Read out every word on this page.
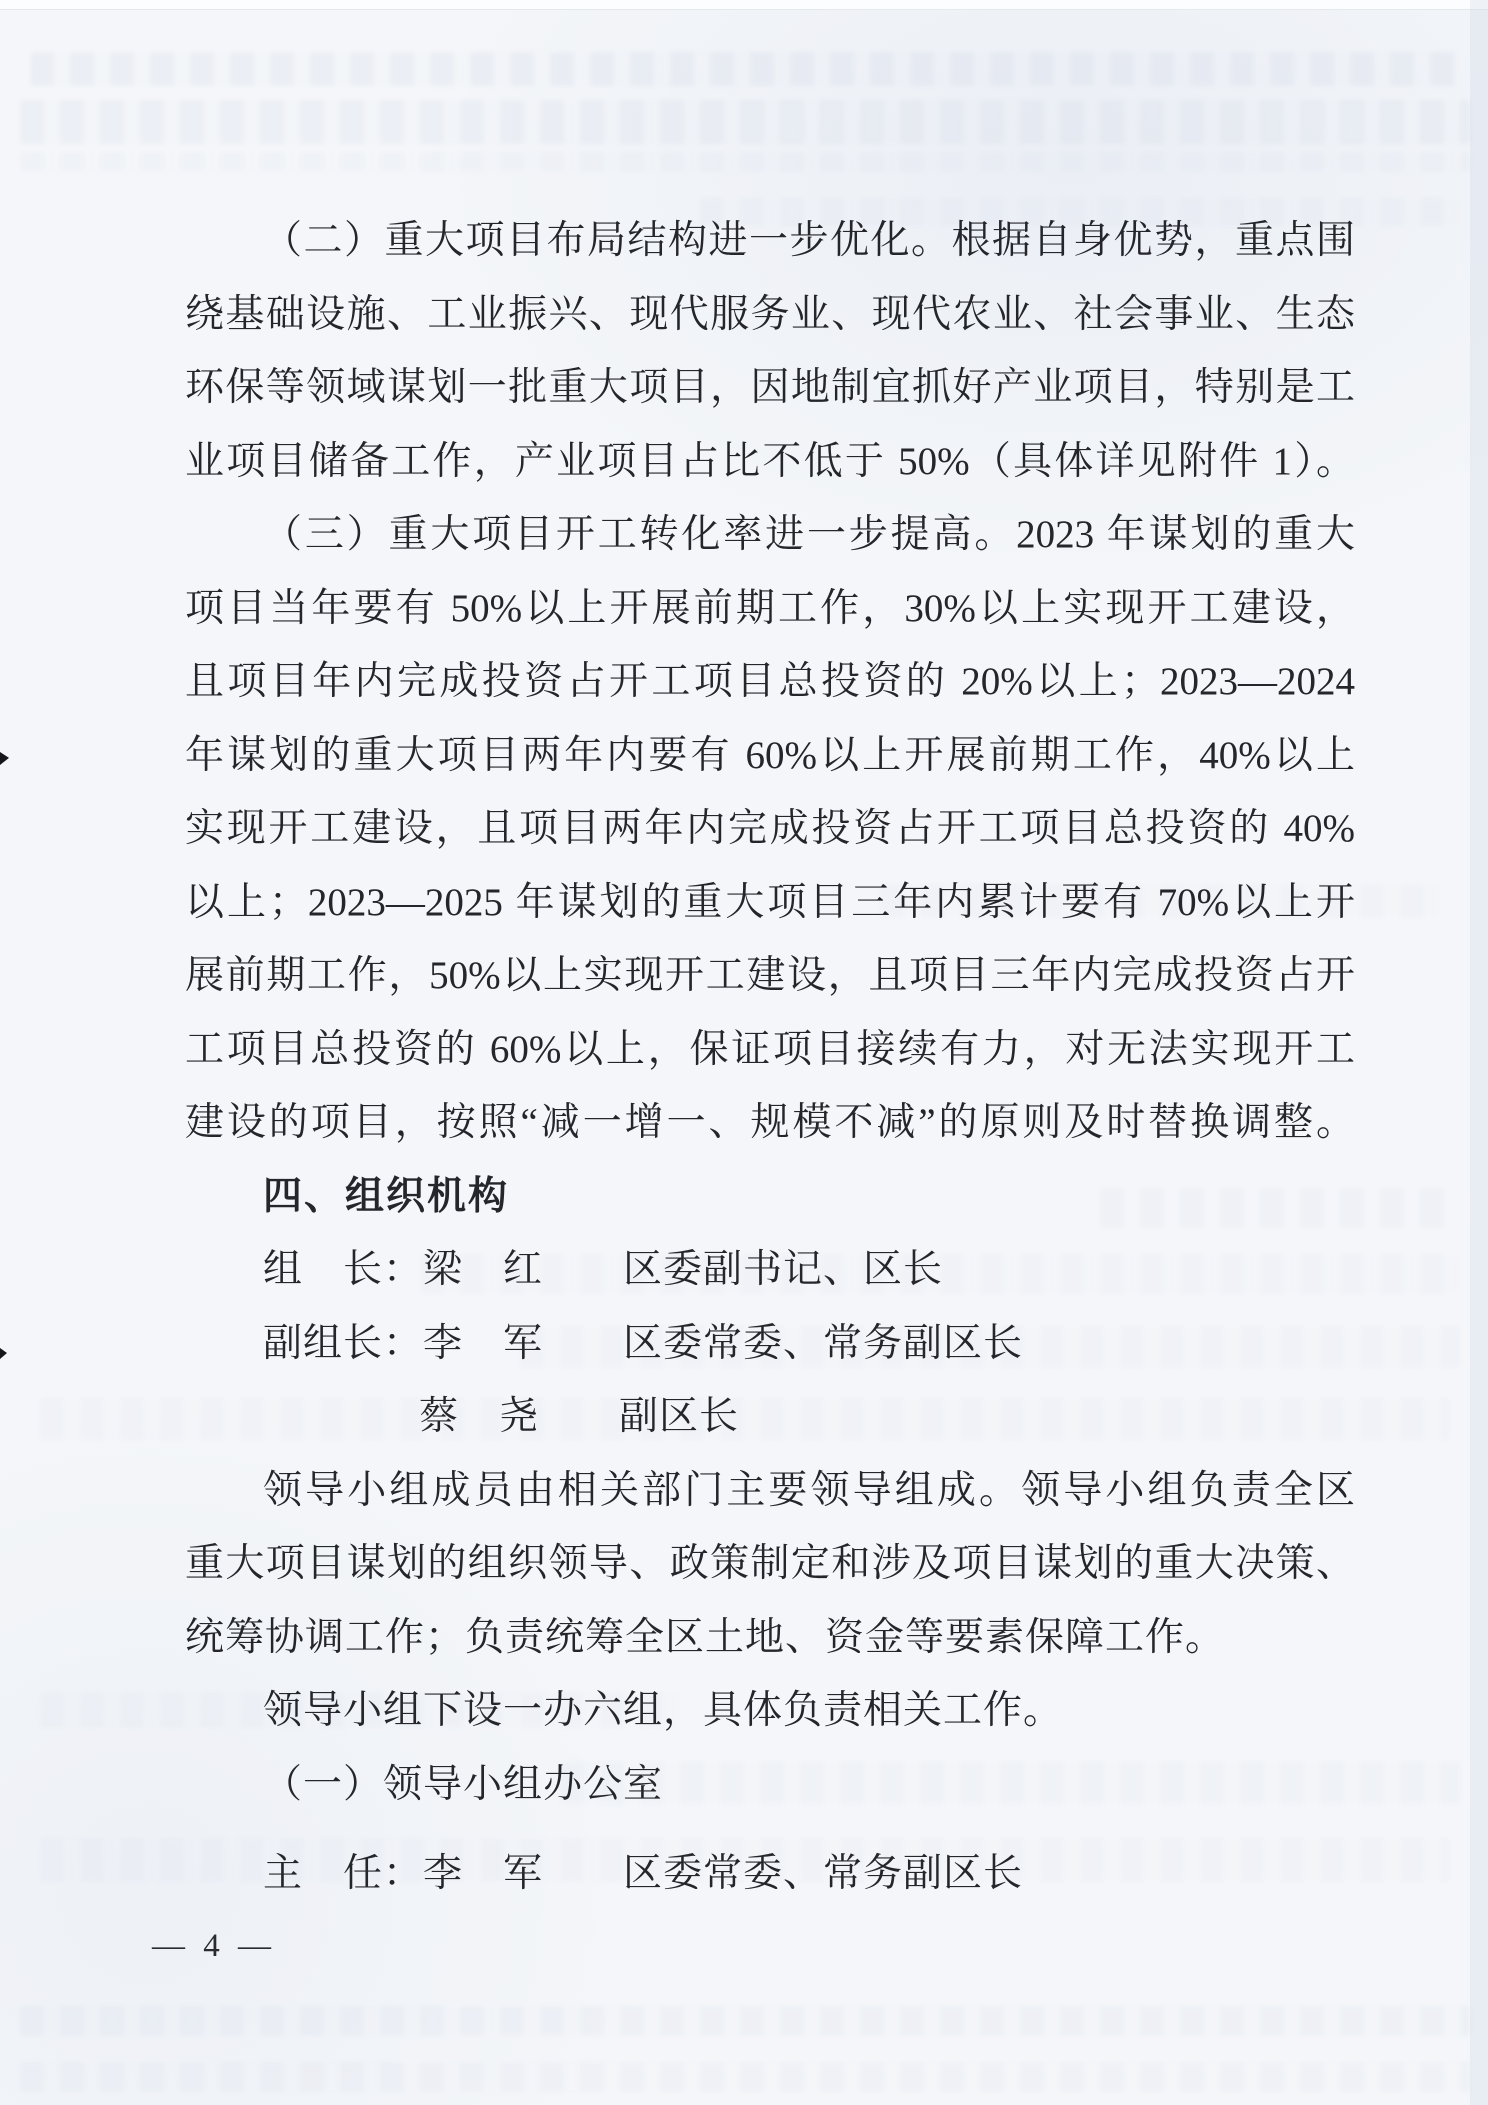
（二）重大项目布局结构进一步优化。根据自身优势，重点围

绕基础设施、工业振兴、现代服务业、现代农业、社会事业、生态

环保等领域谋划一批重大项目，因地制宜抓好产业项目，特别是工

业项目储备工作，产业项目占比不低于 50%（具体详见附件 1）。

（三）重大项目开工转化率进一步提高。2023 年谋划的重大

项目当年要有 50%以上开展前期工作，30%以上实现开工建设，

且项目年内完成投资占开工项目总投资的 20%以上；2023—2024

年谋划的重大项目两年内要有 60%以上开展前期工作，40%以上

实现开工建设，且项目两年内完成投资占开工项目总投资的 40%

以上；2023—2025 年谋划的重大项目三年内累计要有 70%以上开

展前期工作，50%以上实现开工建设，且项目三年内完成投资占开

工项目总投资的 60%以上，保证项目接续有力，对无法实现开工

建设的项目，按照“减一增一、规模不减”的原则及时替换调整。

四、组织机构

组　长：梁　红　　区委副书记、区长

副组长：李　军　　区委常委、常务副区长

蔡　尧　　副区长

领导小组成员由相关部门主要领导组成。领导小组负责全区

重大项目谋划的组织领导、政策制定和涉及项目谋划的重大决策、

统筹协调工作；负责统筹全区土地、资金等要素保障工作。

领导小组下设一办六组，具体负责相关工作。

（一）领导小组办公室

主　任：李　军　　区委常委、常务副区长

— 4 —
